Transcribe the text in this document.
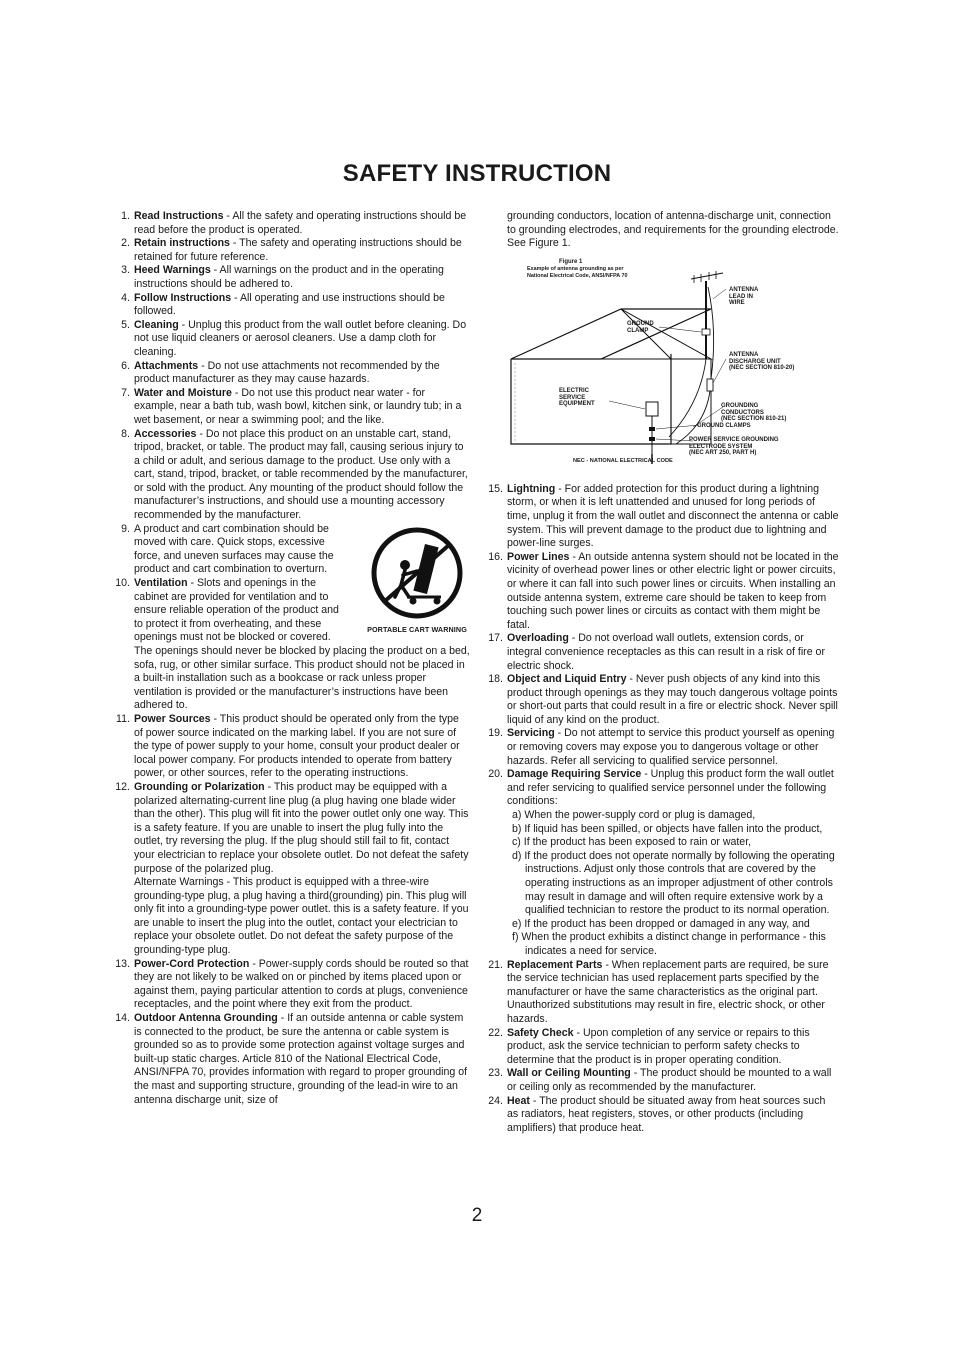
SAFETY INSTRUCTION
1. Read Instructions - All the safety and operating instructions should be read before the product is operated.
2. Retain instructions - The safety and operating instructions should be retained for future reference.
3. Heed Warnings - All warnings on the product and in the operating instructions should be adhered to.
4. Follow Instructions - All operating and use instructions should be followed.
5. Cleaning - Unplug this product from the wall outlet before cleaning. Do not use liquid cleaners or aerosol cleaners. Use a damp cloth for cleaning.
6. Attachments - Do not use attachments not recommended by the product manufacturer as they may cause hazards.
7. Water and Moisture - Do not use this product near water - for example, near a bath tub, wash bowl, kitchen sink, or laundry tub; in a wet basement, or near a swimming pool; and the like.
8. Accessories - Do not place this product on an unstable cart, stand, tripod, bracket, or table. The product may fall, causing serious injury to a child or adult, and serious damage to the product. Use only with a cart, stand, tripod, bracket, or table recommended by the manufacturer, or sold with the product. Any mounting of the product should follow the manufacturer’s instructions, and should use a mounting accessory recommended by the manufacturer.
PORTABLE CART WARNING
9. A product and cart combination should be moved with care. Quick stops, excessive force, and uneven surfaces may cause the product and cart combination to overturn.
10. Ventilation - Slots and openings in the cabinet are provided for ventilation and to ensure reliable operation of the product and to protect it from overheating, and these openings must not be blocked or covered. The openings should never be blocked by placing the product on a bed, sofa, rug, or other similar surface. This product should not be placed in a built-in installation such as a bookcase or rack unless proper ventilation is provided or the manufacturer’s instructions have been adhered to.
11. Power Sources - This product should be operated only from the type of power source indicated on the marking label. If you are not sure of the type of power supply to your home, consult your product dealer or local power company. For products intended to operate from battery power, or other sources, refer to the operating instructions.
12. Grounding or Polarization - This product may be equipped with a polarized alternating-current line plug (a plug having one blade wider than the other). This plug will fit into the power outlet only one way. This is a safety feature. If you are unable to insert the plug fully into the outlet, try reversing the plug. If the plug should still fail to fit, contact your electrician to replace your obsolete outlet. Do not defeat the safety purpose of the polarized plug.
Alternate Warnings - This product is equipped with a three-wire grounding-type plug, a plug having a third(grounding) pin. This plug will only fit into a grounding-type power outlet. this is a safety feature. If you are unable to insert the plug into the outlet, contact your electrician to replace your obsolete outlet. Do not defeat the safety purpose of the grounding-type plug.
13. Power-Cord Protection - Power-supply cords should be routed so that they are not likely to be walked on or pinched by items placed upon or against them, paying particular attention to cords at plugs, convenience receptacles, and the point where they exit from the product.
14. Outdoor Antenna Grounding - If an outside antenna or cable system is connected to the product, be sure the antenna or cable system is grounded so as to provide some protection against voltage surges and built-up static charges. Article 810 of the National Electrical Code, ANSI/NFPA 70, provides information with regard to proper grounding of the mast and supporting structure, grounding of the lead-in wire to an antenna discharge unit, size of
grounding conductors, location of antenna-discharge unit, connection to grounding electrodes, and requirements for the grounding electrode. See Figure 1.
Figure 1
Example of antenna grounding as per
National Electrical Code, ANSI/NFPA 70
ANTENNA
LEAD IN
WIRE
GROUND
CLAMP
ANTENNA
DISCHARGE UNIT
(NEC SECTION 810-20)
ELECTRIC
SERVICE
EQUIPMENT	GROUNDING CONDUCTORS
(NEC SECTION 810-21)
GROUND CLAMPS
POWER SERVICE GROUNDING
ELECTRODE SYSTEM
(NEC ART 250, PART H)
NEC - NATIONAL ELECTRICAL CODE
15. Lightning - For added protection for this product during a lightning storm, or when it is left unattended and unused for long periods of time, unplug it from the wall outlet and disconnect the antenna or cable system. This will prevent damage to the product due to lightning and power-line surges.
16. Power Lines - An outside antenna system should not be located in the vicinity of overhead power lines or other electric light or power circuits, or where it can fall into such power lines or circuits. When installing an outside antenna system, extreme care should be taken to keep from touching such power lines or circuits as contact with them might be fatal.
17. Overloading - Do not overload wall outlets, extension cords, or integral convenience receptacles as this can result in a risk of fire or electric shock.
18. Object and Liquid Entry - Never push objects of any kind into this product through openings as they may touch dangerous voltage points or short-out parts that could result in a fire or electric shock. Never spill liquid of any kind on the product.
19. Servicing - Do not attempt to service this product yourself as opening or removing covers may expose you to dangerous voltage or other hazards. Refer all servicing to qualified service personnel.
20. Damage Requiring Service - Unplug this product form the wall outlet and refer servicing to qualified service personnel under the following conditions:
a) When the power-supply cord or plug is damaged,
b) If liquid has been spilled, or objects have fallen into the product,
c) If the product has been exposed to rain or water,
d) If the product does not operate normally by following the operating instructions. Adjust only those controls that are covered by the operating instructions as an improper adjustment of other controls may result in damage and will often require extensive work by a qualified technician to restore the product to its normal operation.
e) If the product has been dropped or damaged in any way, and
f) When the product exhibits a distinct change in performance - this indicates a need for service.
21. Replacement Parts - When replacement parts are required, be sure the service technician has used replacement parts specified by the manufacturer or have the same characteristics as the original part. Unauthorized substitutions may result in fire, electric shock, or other hazards.
22. Safety Check - Upon completion of any service or repairs to this product, ask the service technician to perform safety checks to determine that the product is in proper operating condition.
23. Wall or Ceiling Mounting - The product should be mounted to a wall or ceiling only as recommended by the manufacturer.
24. Heat - The product should be situated away from heat sources such as radiators, heat registers, stoves, or other products (including amplifiers) that produce heat.
2
